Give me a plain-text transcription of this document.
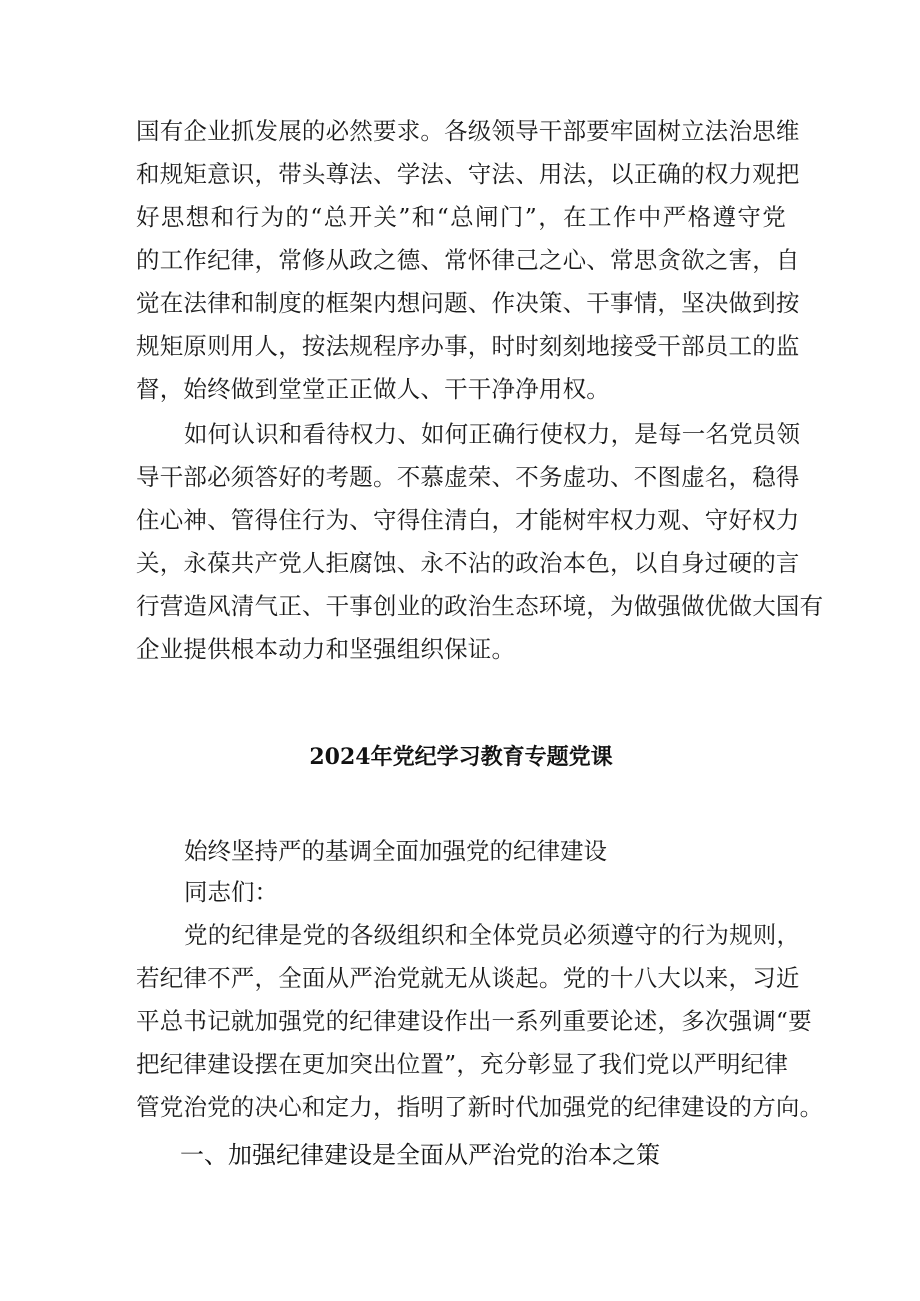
国有企业抓发展的必然要求。各级领导干部要牢固树立法治思维
和规矩意识，带头尊法、学法、守法、用法，以正确的权力观把
好思想和行为的“总开关”和“总闸门”，在工作中严格遵守党
的工作纪律，常修从政之德、常怀律己之心、常思贪欲之害，自
觉在法律和制度的框架内想问题、作决策、干事情，坚决做到按
规矩原则用人，按法规程序办事，时时刻刻地接受干部员工的监
督，始终做到堂堂正正做人、干干净净用权。
如何认识和看待权力、如何正确行使权力，是每一名党员领
导干部必须答好的考题。不慕虚荣、不务虚功、不图虚名，稳得
住心神、管得住行为、守得住清白，才能树牢权力观、守好权力
关，永葆共产党人拒腐蚀、永不沾的政治本色，以自身过硬的言
行营造风清气正、干事创业的政治生态环境，为做强做优做大国有
企业提供根本动力和坚强组织保证。
2024年党纪学习教育专题党课
始终坚持严的基调全面加强党的纪律建设
同志们：
党的纪律是党的各级组织和全体党员必须遵守的行为规则，
若纪律不严，全面从严治党就无从谈起。党的十八大以来，习近
平总书记就加强党的纪律建设作出一系列重要论述，多次强调“要
把纪律建设摆在更加突出位置”，充分彰显了我们党以严明纪律
管党治党的决心和定力，指明了新时代加强党的纪律建设的方向。
一、加强纪律建设是全面从严治党的治本之策
